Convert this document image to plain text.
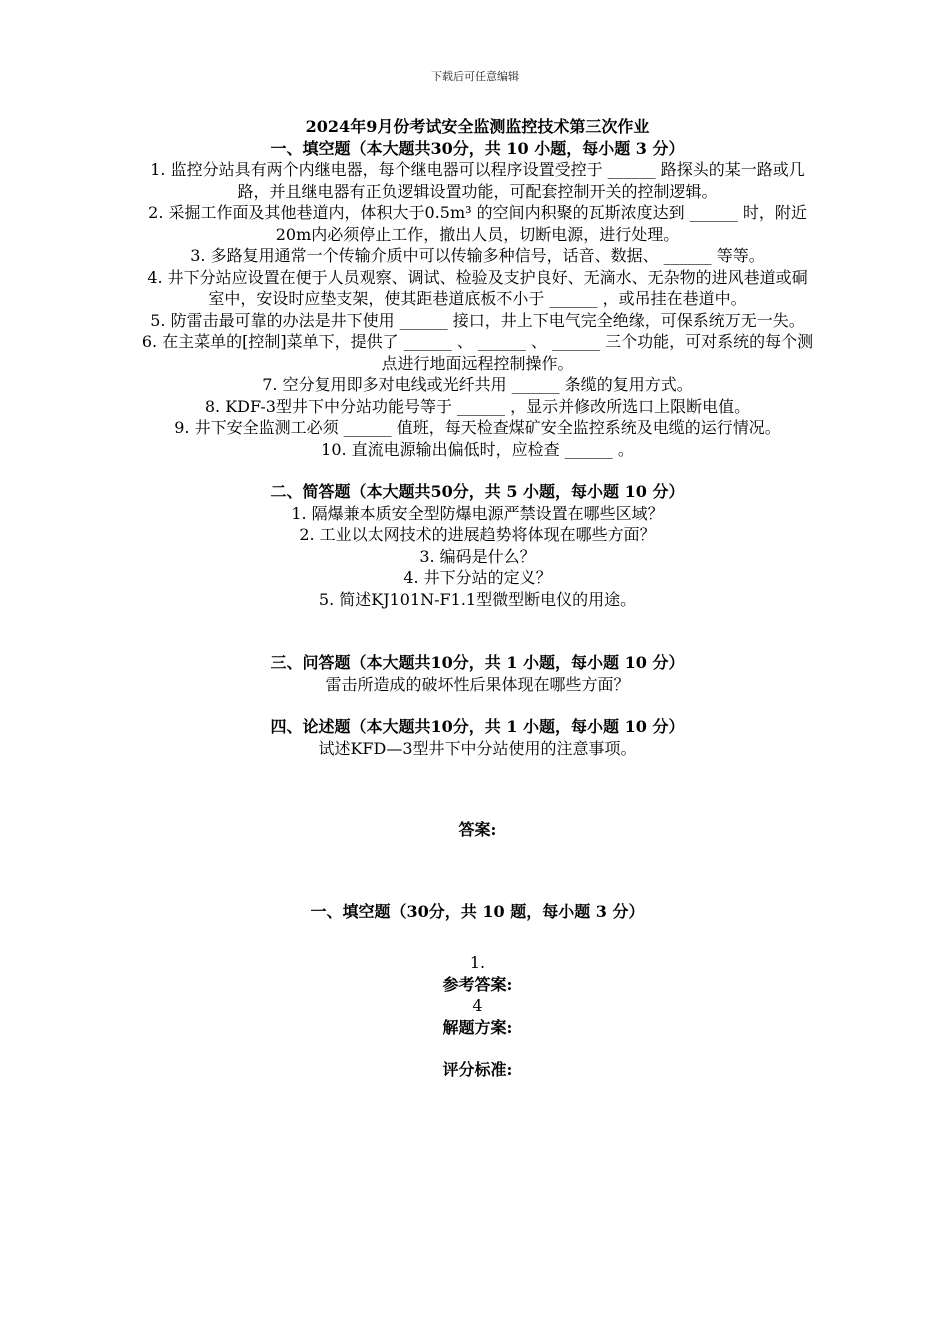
下载后可任意编辑
2024年9月份考试安全监测监控技术第三次作业
一、填空题（本大题共30分，共 10 小题，每小题 3 分）

1. 监控分站具有两个内继电器，每个继电器可以程序设置受控于 ______ 路探头的某一路或几路，并且继电器有正负逻辑设置功能，可配套控制开关的控制逻辑。

2. 采掘工作面及其他巷道内，体积大于0.5m³ 的空间内积聚的瓦斯浓度达到 ______ 时，附近20m内必须停止工作，撤出人员，切断电源，进行处理。

3. 多路复用通常一个传输介质中可以传输多种信号，话音、数据、 ______ 等等。

4. 井下分站应设置在便于人员观察、调试、检验及支护良好、无滴水、无杂物的进风巷道或硐室中，安设时应垫支架，使其距巷道底板不小于 ______ ，或吊挂在巷道中。

5. 防雷击最可靠的办法是井下使用 ______ 接口，井上下电气完全绝缘，可保系统万无一失。

6. 在主菜单的[控制]菜单下，提供了 ______ 、 ______ 、 ______ 三个功能，可对系统的每个测点进行地面远程控制操作。

7. 空分复用即多对电线或光纤共用 ______ 条缆的复用方式。

8. KDF-3型井下中分站功能号等于 ______ ，显示并修改所选口上限断电值。

9. 井下安全监测工必须 ______ 值班，每天检查煤矿安全监控系统及电缆的运行情况。

10. 直流电源输出偏低时，应检查 ______ 。

二、简答题（本大题共50分，共 5 小题，每小题 10 分）

1. 隔爆兼本质安全型防爆电源严禁设置在哪些区域？

2. 工业以太网技术的进展趋势将体现在哪些方面？

3. 编码是什么？

4. 井下分站的定义？

5. 简述KJ101N-F1.1型微型断电仪的用途。

三、问答题（本大题共10分，共 1 小题，每小题 10 分）

雷击所造成的破坏性后果体现在哪些方面？

四、论述题（本大题共10分，共 1 小题，每小题 10 分）

试述KFD—3型井下中分站使用的注意事项。

答案:
一、填空题（30分，共 10 题，每小题 3 分）
1.
参考答案:
4
解题方案:
评分标准:
